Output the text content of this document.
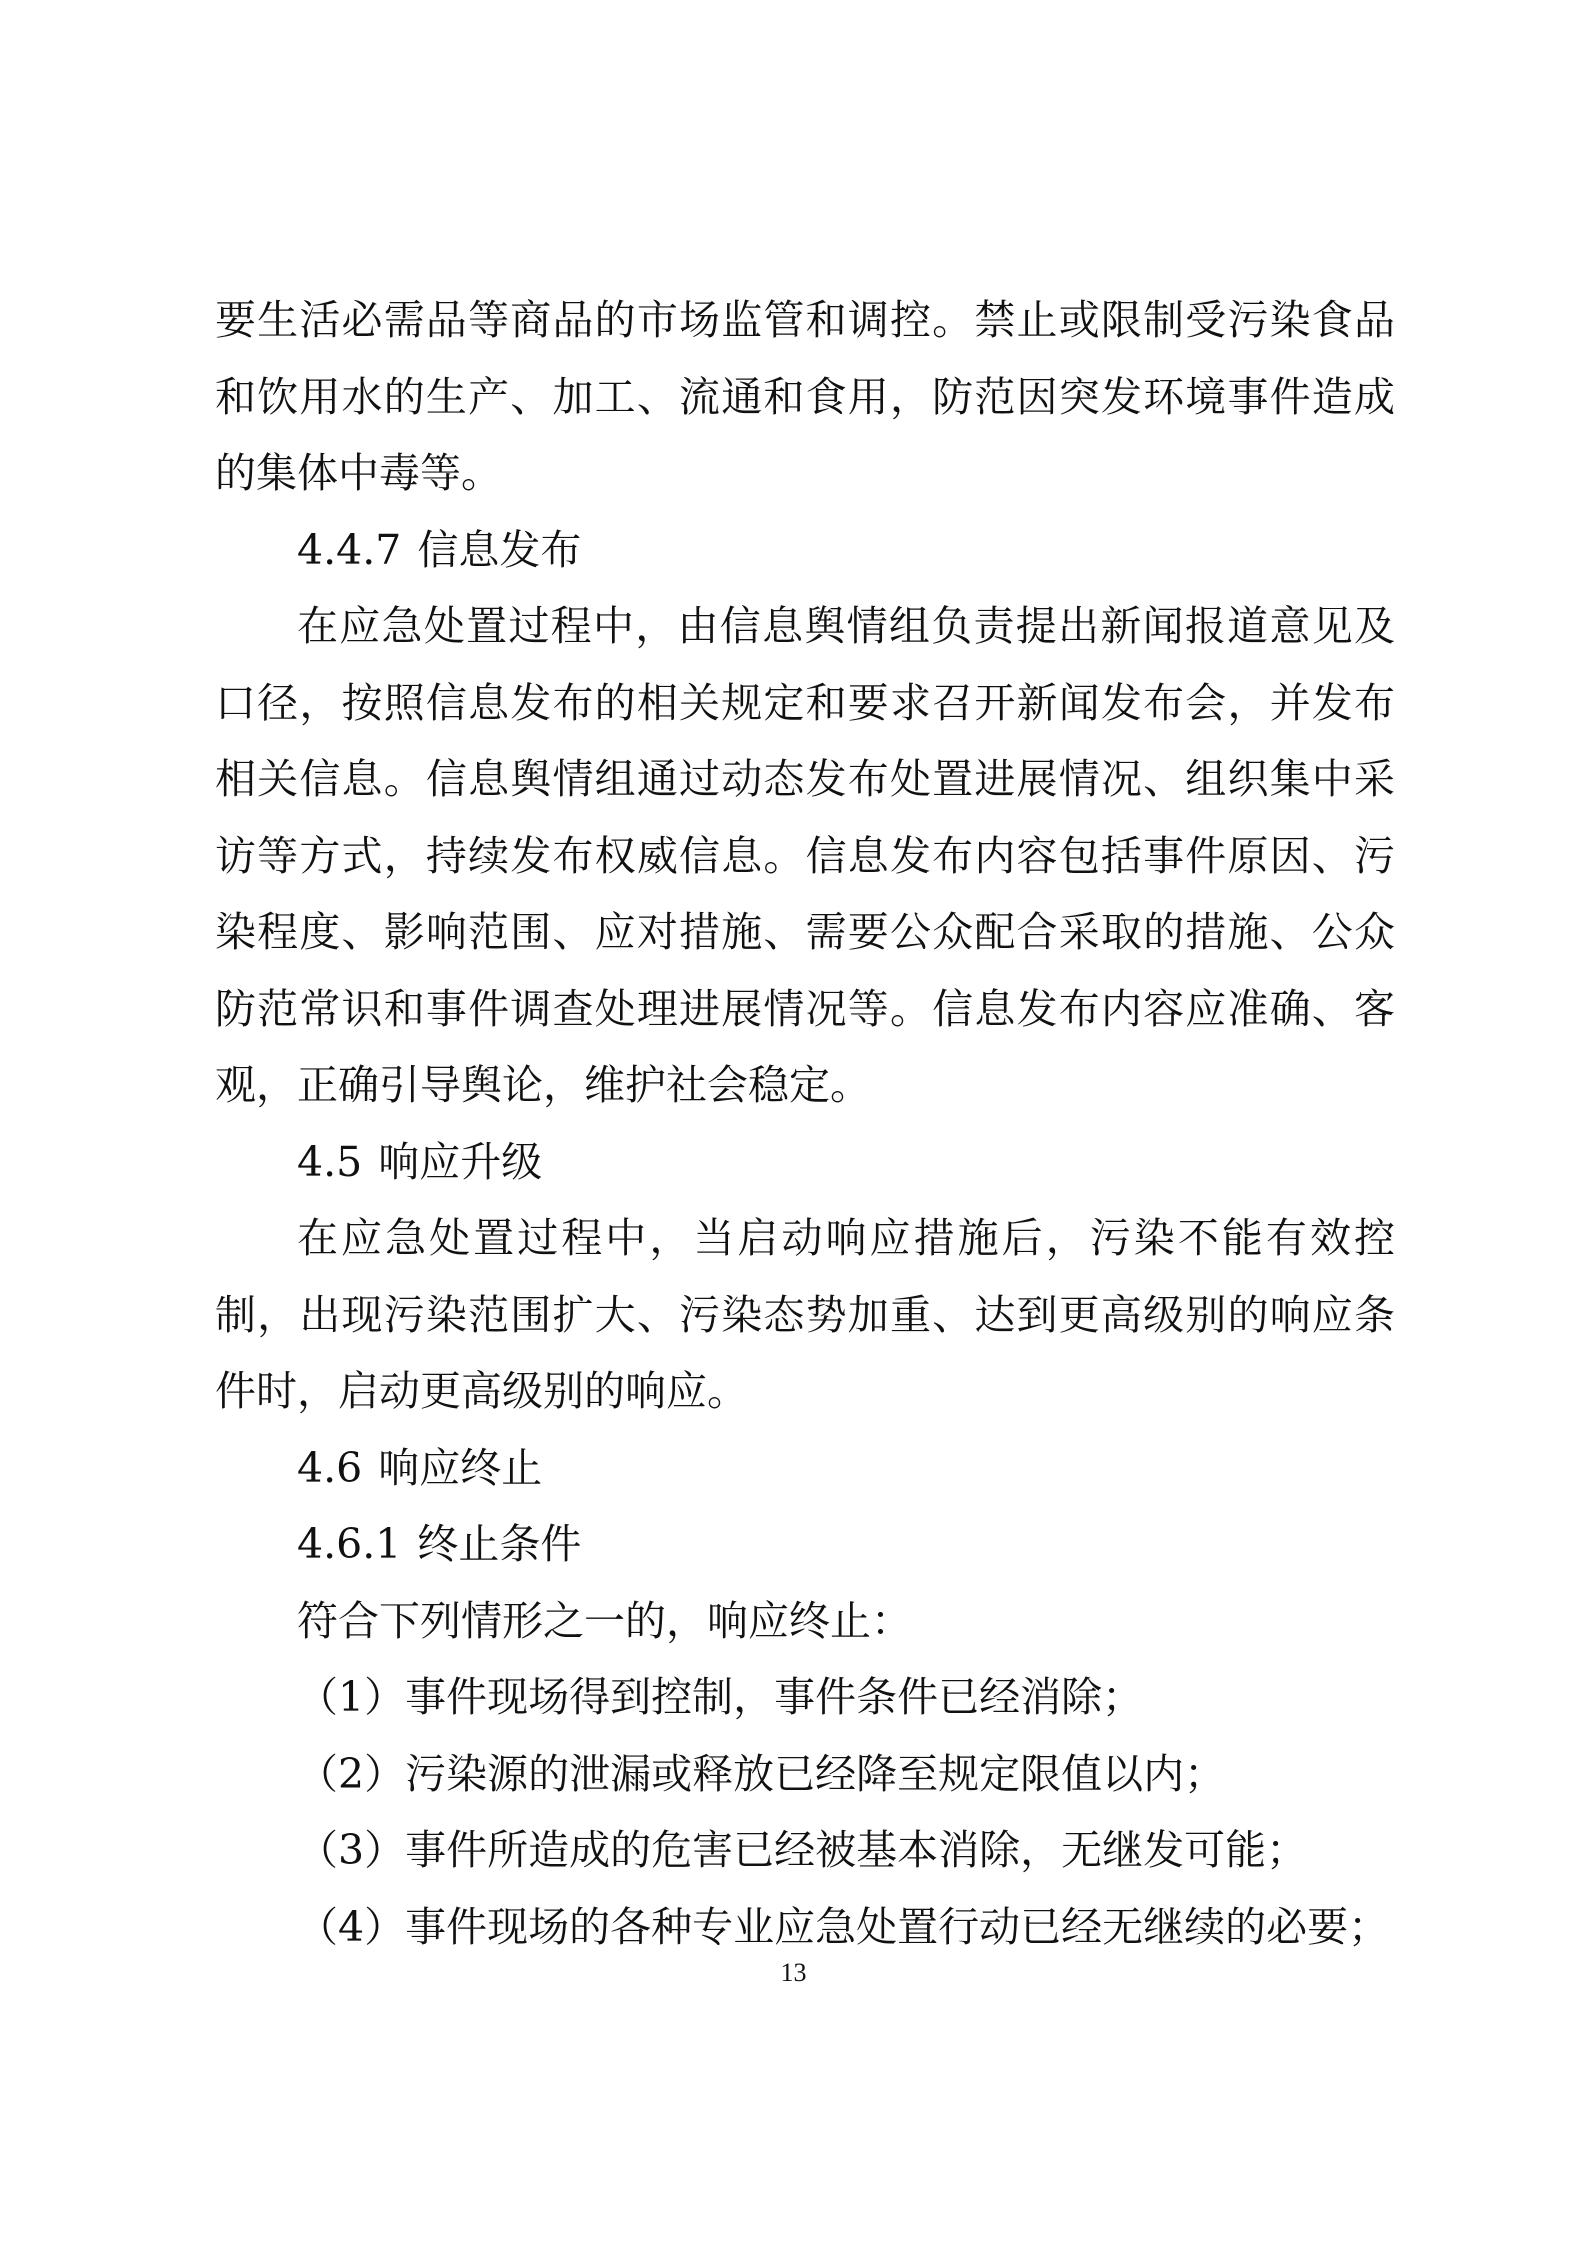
要生活必需品等商品的市场监管和调控。禁止或限制受污染食品和饮用水的生产、加工、流通和食用，防范因突发环境事件造成的集体中毒等。

4.4.7 信息发布

在应急处置过程中，由信息舆情组负责提出新闻报道意见及口径，按照信息发布的相关规定和要求召开新闻发布会，并发布相关信息。信息舆情组通过动态发布处置进展情况、组织集中采访等方式，持续发布权威信息。信息发布内容包括事件原因、污染程度、影响范围、应对措施、需要公众配合采取的措施、公众防范常识和事件调查处理进展情况等。信息发布内容应准确、客观，正确引导舆论，维护社会稳定。

4.5 响应升级

在应急处置过程中，当启动响应措施后，污染不能有效控制，出现污染范围扩大、污染态势加重、达到更高级别的响应条件时，启动更高级别的响应。

4.6 响应终止

4.6.1 终止条件

符合下列情形之一的，响应终止：

（1）事件现场得到控制，事件条件已经消除；

（2）污染源的泄漏或释放已经降至规定限值以内；

（3）事件所造成的危害已经被基本消除，无继发可能；

（4）事件现场的各种专业应急处置行动已经无继续的必要；

13
